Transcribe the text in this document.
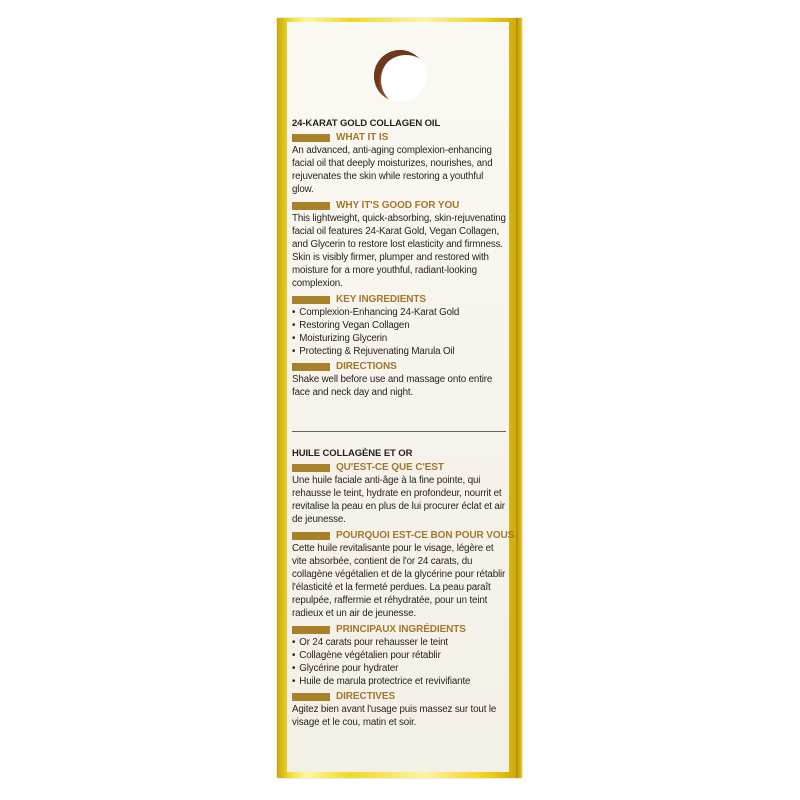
24-KARAT GOLD COLLAGEN OIL
WHAT IT IS
An advanced, anti-aging complexion-enhancing facial oil that deeply moisturizes, nourishes, and rejuvenates the skin while restoring a youthful glow.
WHY IT'S GOOD FOR YOU
This lightweight, quick-absorbing, skin-rejuvenating facial oil features 24-Karat Gold, Vegan Collagen, and Glycerin to restore lost elasticity and firmness. Skin is visibly firmer, plumper and restored with moisture for a more youthful, radiant-looking complexion.
KEY INGREDIENTS
• Complexion-Enhancing 24-Karat Gold
• Restoring Vegan Collagen
• Moisturizing Glycerin
• Protecting & Rejuvenating Marula Oil
DIRECTIONS
Shake well before use and massage onto entire face and neck day and night.
HUILE COLLAGÈNE ET OR
QU'EST-CE QUE C'EST
Une huile faciale anti-âge à la fine pointe, qui rehausse le teint, hydrate en profondeur, nourrit et revitalise la peau en plus de lui procurer éclat et air de jeunesse.
POURQUOI EST-CE BON POUR VOUS
Cette huile revitalisante pour le visage, légère et vite absorbée, contient de l'or 24 carats, du collagène végétalien et de la glycérine pour rétablir l'élasticité et la fermeté perdues. La peau paraît repulpée, raffermie et réhydratée, pour un teint radieux et un air de jeunesse.
PRINCIPAUX INGRÉDIENTS
• Or 24 carats pour rehausser le teint
• Collagène végétalien pour rétablir
• Glycérine pour hydrater
• Huile de marula protectrice et revivifiante
DIRECTIVES
Agitez bien avant l'usage puis massez sur tout le visage et le cou, matin et soir.
